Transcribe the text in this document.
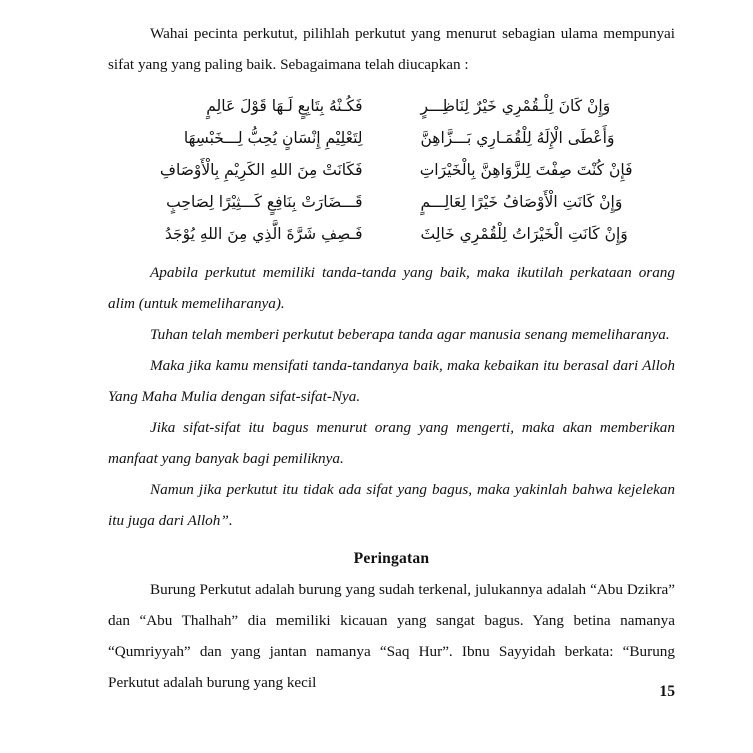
Wahai pecinta perkutut, pilihlah perkutut yang menurut sebagian ulama mempunyai sifat yang yang paling baik. Sebagaimana telah diucapkan :

وَإِنْ كَانَ لِلْـقُمْرِي خَيْرٌ لِنَاظِـــرٍ
فَكُـنْهُ بِتَابِعٍ لَـهَا قَوْلَ عَالِمٍ
وَأَعْطَى الْإِلَهُ لِلْقُمَـارِي بَـــزَّاهِنَّ
لِتَعْلِيْمِ إِنْسَانٍ يُحِبُّ لِـــخَبْسِهَا
فَإِنْ كُنْتَ صِفْتَ لِلزَّوَاهِنَّ بِالْخَيْرَاتِ
فَكَانَتْ مِنَ اللهِ الكَرِيْمِ بِالْأَوْصَافِ
وَإِنْ كَانَتِ الْأَوْصَافُ خَيْرًا لِعَالِـــمٍ
قَـــضَارَتْ بِنَافِعٍ كَـــثِيْرًا لِصَاحِبٍ
وَإِنْ كَانَتِ الْخَيْرَاتُ لِلْقُمْرِي خَالِثَ
فَـصِفِ شَرَّةَ الَّذِي مِنَ اللهِ يُوْجَدُ

Apabila perkutut memiliki tanda-tanda yang baik, maka ikutilah perkataan orang alim (untuk memeliharanya).

Tuhan telah memberi perkutut beberapa tanda agar manusia senang memeliharanya.

Maka jika kamu mensifati tanda-tandanya baik, maka kebaikan itu berasal dari Alloh Yang Maha Mulia dengan sifat-sifat-Nya.

Jika sifat-sifat itu bagus menurut orang yang mengerti, maka akan memberikan manfaat yang banyak bagi pemiliknya.

Namun jika perkutut itu tidak ada sifat yang bagus, maka yakinlah bahwa kejelekan itu juga dari Alloh”.

Peringatan

Burung Perkutut adalah burung yang sudah terkenal, julukannya adalah “Abu Dzikra” dan “Abu Thalhah” dia memiliki kicauan yang sangat bagus. Yang betina namanya “Qumriyyah” dan yang jantan namanya “Saq Hur”. Ibnu Sayyidah berkata: “Burung Perkutut adalah burung yang kecil

15
